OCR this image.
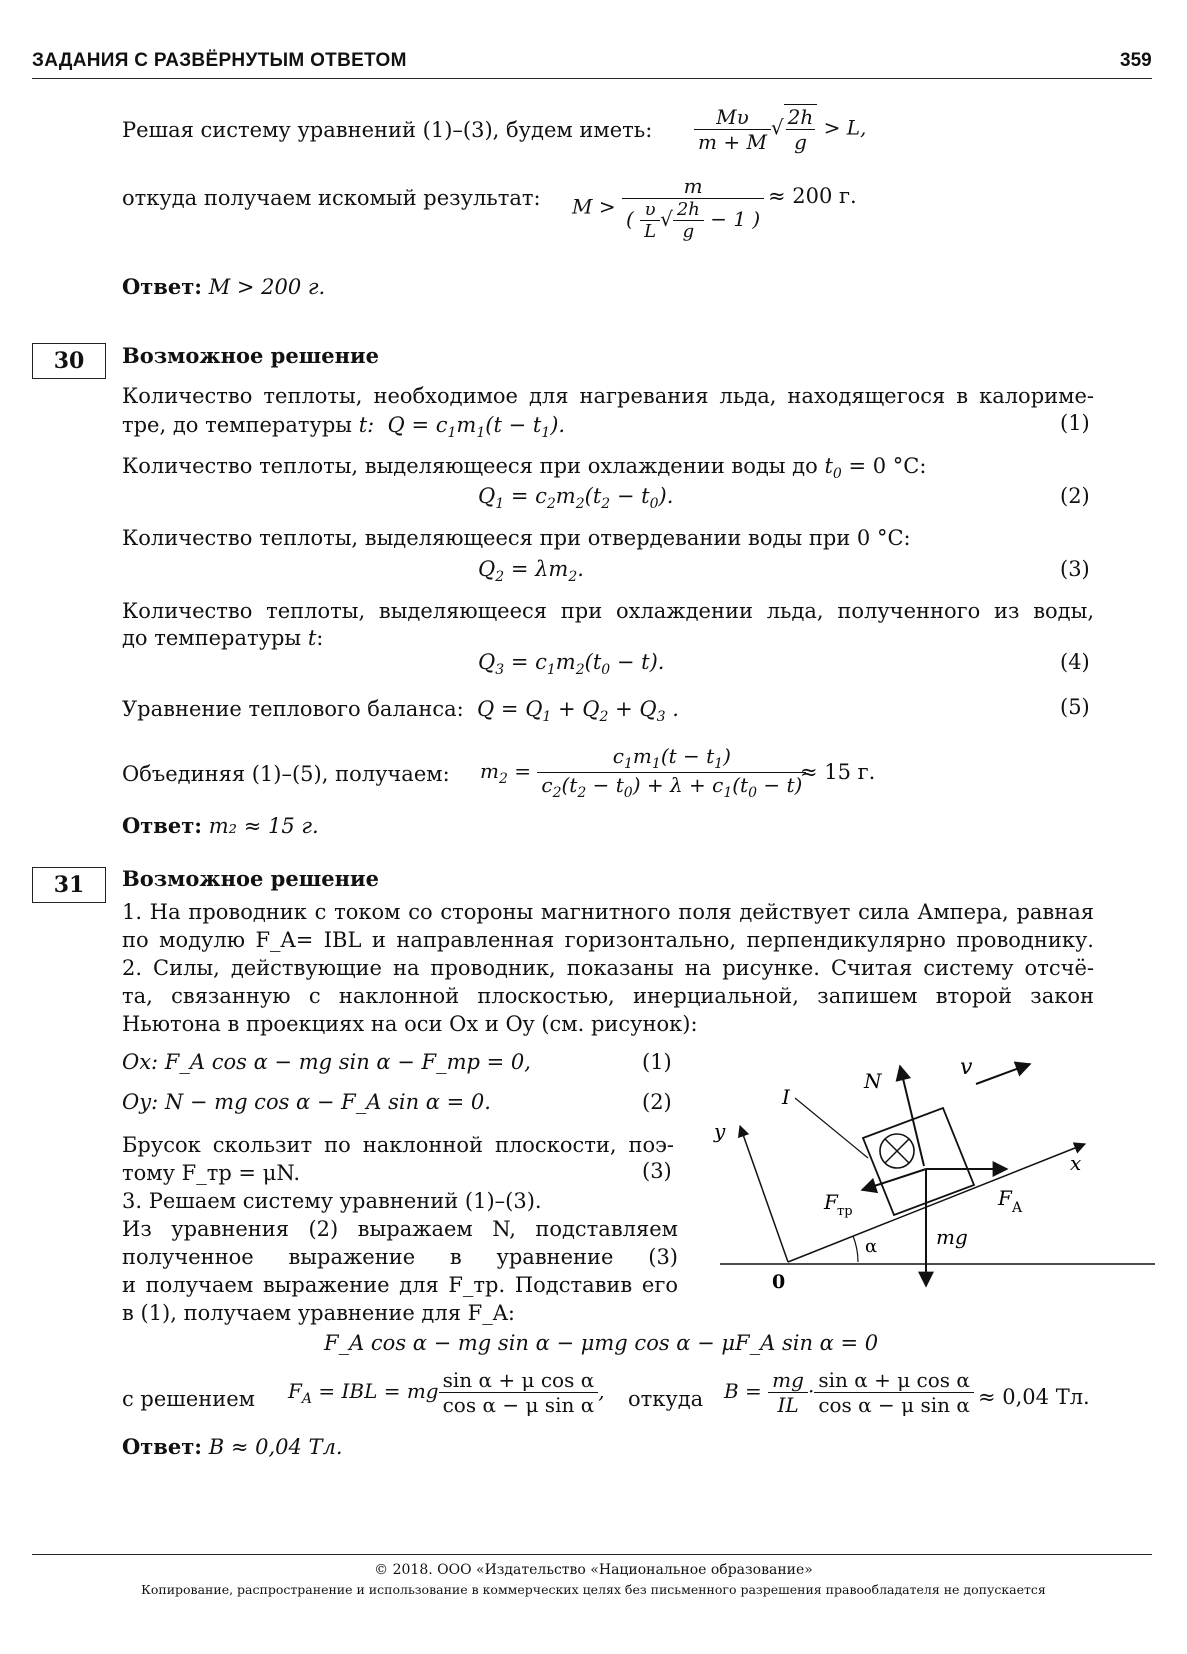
ЗАДАНИЯ С РАЗВЁРНУТЫМ ОТВЕТОМ	359
Решая систему уравнений (1)–(3), будем иметь: $\frac{M\upsilon}{m + M}$ √ $\frac{2h}{g} > L$,
откуда получаем искомый результат: $M > \frac{m}{( \frac{\upsilon}{L} √ \frac{2h}{g} - 1 )} \approx 200$ г.
Ответ: M > 200 г.
30	Возможное решение
Количество теплоты, необходимое для нагревания льда, находящегося в калориме-
тре, до температуры t:  $Q = c_1m_1(t - t_1)$.	(1)
Количество теплоты, выделяющееся при охлаждении воды до $t_0 = 0$ °C:
$Q_1 = c_2m_2(t_2 - t_0)$.	(2)
Количество теплоты, выделяющееся при отвердевании воды при 0 °C:
$Q_2 = \lambda m_2$.	(3)
Количество теплоты, выделяющееся при охлаждении льда, полученного из воды,
до температуры t:
$Q_3 = c_1m_2(t_0 - t)$.	(4)
Уравнение теплового баланса:  $Q = Q_1 + Q_2 + Q_3$ .	(5)
Объединяя (1)–(5), получаем: $m_2 = \frac{c_1m_1(t - t_1)}{c_2(t_2 - t_0) + \lambda + c_1(t_0 - t)}$
≈ 15 г.
Ответ: m₂ ≈ 15 г.
31	Возможное решение
1. На проводник с током со стороны магнитного поля действует сила Ампера, равная
по модулю F_A= IBL и направленная горизонтально, перпендикулярно проводнику.
2. Силы, действующие на проводник, показаны на рисунке. Считая систему отсчё-
та, связанную с наклонной плоскостью, инерциальной, запишем второй закон
Ньютона в проекциях на оси Ox и Oy (см. рисунок):
Ox: F_A cos α − mg sin α − F_тр = 0,	(1)
Oy: N − mg cos α − F_A sin α = 0.	(2)
Брусок скользит по наклонной плоскости, поэ-
тому F_тр = μN.	(3)
3. Решаем систему уравнений (1)–(3).
Из уравнения (2) выражаем N, подставляем
полученное выражение в уравнение (3)
и получаем выражение для F_тр. Подставив его
в (1), получаем уравнение для F_A:
N
v
I
y
x
F тр
F A
mg
α
0
F_A cos α − mg sin α − μmg cos α − μF_A sin α = 0
с решением $F_A$ = IBL = mg $\frac{\text{sin α + μ cos α}}{\text{cos α − μ sin α}}$ , откуда $B = \frac{mg}{IL} \cdot \frac{\text{sin α + μ cos α}}{\text{cos α − μ sin α}} \approx 0,04$ Тл.
Ответ: B ≈ 0,04 Тл.
© 2018. ООО «Издательство «Национальное образование»
Копирование, распространение и использование в коммерческих целях без письменного разрешения правообладателя не допускается
